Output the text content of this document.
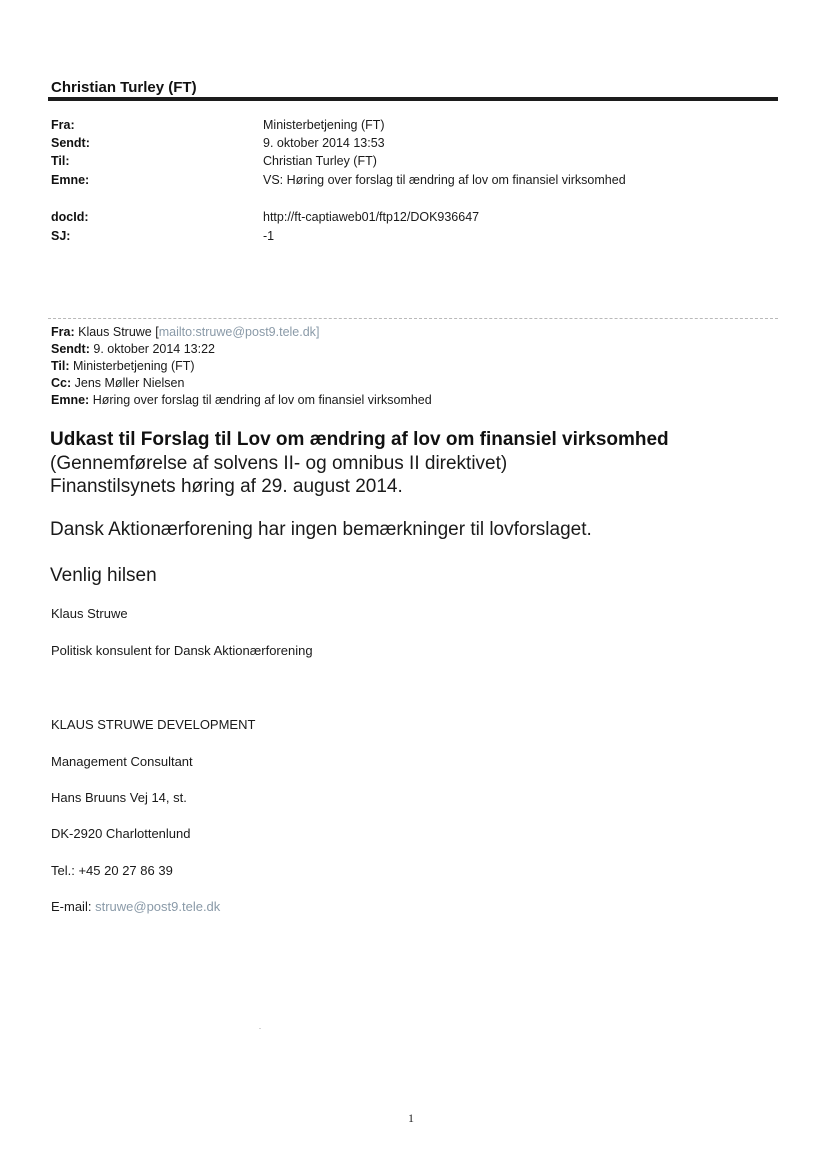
Christian Turley (FT)
Fra:	Ministerbetjening (FT)
Sendt:	9. oktober 2014 13:53
Til:	Christian Turley (FT)
Emne:	VS: Høring over forslag til ændring af lov om finansiel virksomhed
docId:	http://ft-captiaweb01/ftp12/DOK936647
SJ:	-1
Fra: Klaus Struwe [mailto:struwe@post9.tele.dk]
Sendt: 9. oktober 2014 13:22
Til: Ministerbetjening (FT)
Cc: Jens Møller Nielsen
Emne: Høring over forslag til ændring af lov om finansiel virksomhed
Udkast til Forslag til Lov om ændring af lov om finansiel virksomhed
(Gennemførelse af solvens II- og omnibus II direktivet)
Finanstilsynets høring af 29. august 2014.
Dansk Aktionærforening har ingen bemærkninger til lovforslaget.
Venlig hilsen
Klaus Struwe
Politisk konsulent for Dansk Aktionærforening
KLAUS STRUWE DEVELOPMENT
Management Consultant
Hans Bruuns Vej 14, st.
DK-2920 Charlottenlund
Tel.: +45 20 27 86 39
E-mail: struwe@post9.tele.dk
1
